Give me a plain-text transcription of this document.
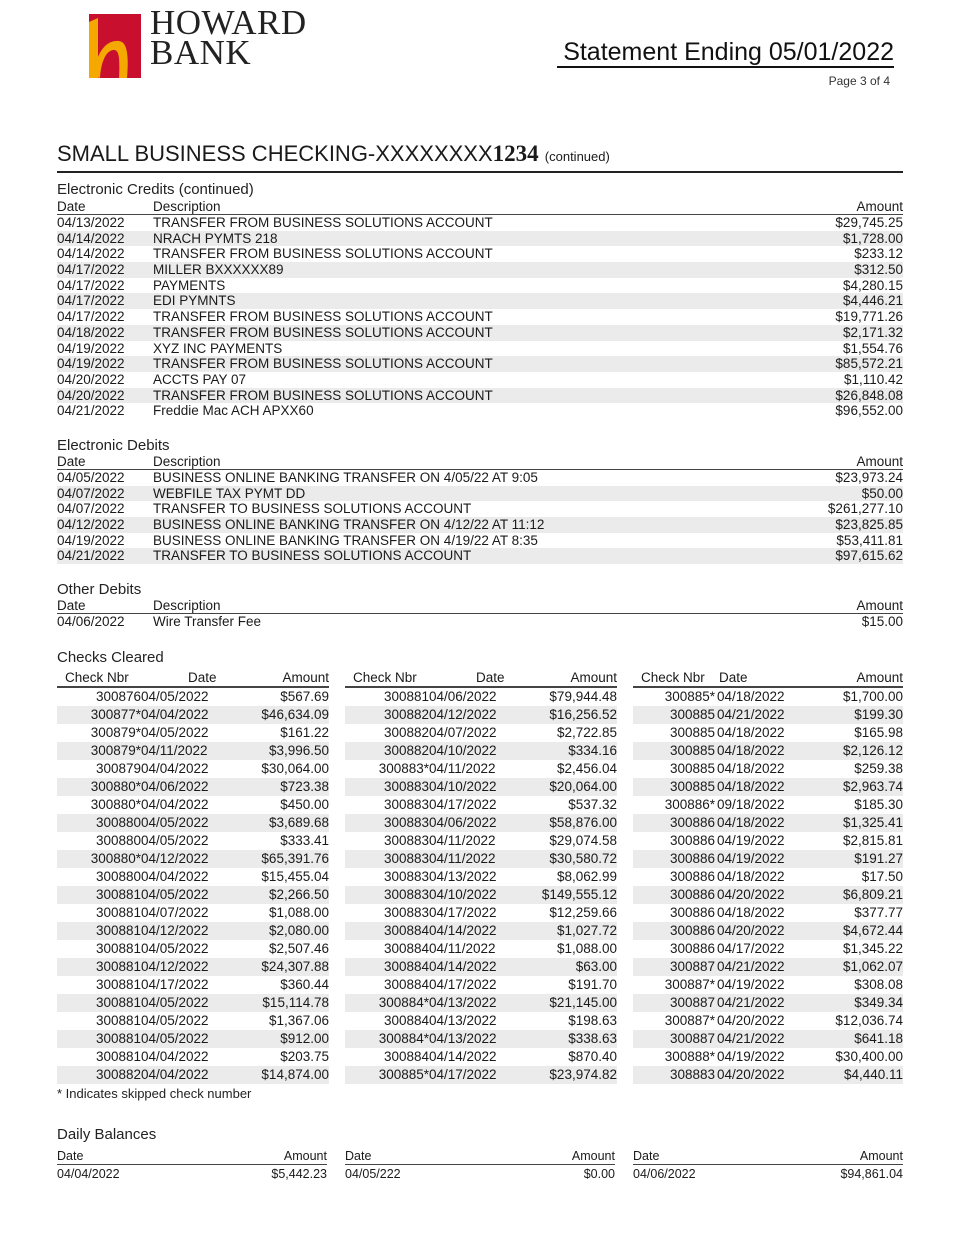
HOWARD
BANK	Statement Ending 05/01/2022
Page 3 of 4
SMALL BUSINESS CHECKING-XXXXXXXX1234 (continued)
Electronic Credits (continued)
Date	Description	Amount
04/13/2022 TRANSFER FROM BUSINESS SOLUTIONS ACCOUNT	$29,745.25
04/14/2022 NRACH PYMTS 218	$1,728.00
04/14/2022 TRANSFER FROM BUSINESS SOLUTIONS ACCOUNT	$233.12
04/17/2022 MILLER BXXXXXX89	$312.50
04/17/2022 PAYMENTS	$4,280.15
04/17/2022 EDI PYMNTS	$4,446.21
04/17/2022 TRANSFER FROM BUSINESS SOLUTIONS ACCOUNT	$19,771.26
04/18/2022 TRANSFER FROM BUSINESS SOLUTIONS ACCOUNT	$2,171.32
04/19/2022 XYZ INC PAYMENTS	$1,554.76
04/19/2022 TRANSFER FROM BUSINESS SOLUTIONS ACCOUNT	$85,572.21
04/20/2022 ACCTS PAY 07	$1,110.42
04/20/2022 TRANSFER FROM BUSINESS SOLUTIONS ACCOUNT	$26,848.08
04/21/2022 Freddie Mac ACH APXX60	$96,552.00
Electronic Debits
Date	Description	Amount
04/05/2022 BUSINESS ONLINE BANKING TRANSFER ON 4/05/22 AT 9:05	$23,973.24
04/07/2022 WEBFILE TAX PYMT DD	$50.00
04/07/2022 TRANSFER TO BUSINESS SOLUTIONS ACCOUNT	$261,277.10
04/12/2022 BUSINESS ONLINE BANKING TRANSFER ON 4/12/22 AT 11:12	$23,825.85
04/19/2022 BUSINESS ONLINE BANKING TRANSFER ON 4/19/22 AT 8:35	$53,411.81
04/21/2022 TRANSFER TO BUSINESS SOLUTIONS ACCOUNT	$97,615.62
Other Debits
Date	Description	Amount
04/06/2022 Wire Transfer Fee	$15.00
Checks Cleared
Check Nbr	Date	Amount
300876 04/05/2022	$567.69
300877* 04/04/2022	$46,634.09
300879* 04/05/2022	$161.22
300879* 04/11/2022	$3,996.50
300879 04/04/2022	$30,064.00
300880* 04/06/2022	$723.38
300880* 04/04/2022	$450.00
300880 04/05/2022	$3,689.68
300880 04/05/2022	$333.41
300880* 04/12/2022	$65,391.76
300880 04/04/2022	$15,455.04
300881 04/05/2022	$2,266.50
300881 04/07/2022	$1,088.00
300881 04/12/2022	$2,080.00
300881 04/05/2022	$2,507.46
300881 04/12/2022	$24,307.88
300881 04/17/2022	$360.44
300881 04/05/2022	$15,114.78
300881 04/05/2022	$1,367.06
300881 04/05/2022	$912.00
300881 04/04/2022	$203.75
300882 04/04/2022	$14,874.00
Check Nbr	Date	Amount
300881 04/06/2022	$79,944.48
300882 04/12/2022	$16,256.52
300882 04/07/2022	$2,722.85
300882 04/10/2022	$334.16
300883* 04/11/2022	$2,456.04
300883 04/10/2022	$20,064.00
300883 04/17/2022	$537.32
300883 04/06/2022	$58,876.00
300883 04/11/2022	$29,074.58
300883 04/11/2022	$30,580.72
300883 04/13/2022	$8,062.99
300883 04/10/2022	$149,555.12
300883 04/17/2022	$12,259.66
300884 04/14/2022	$1,027.72
300884 04/11/2022	$1,088.00
300884 04/14/2022	$63.00
300884 04/17/2022	$191.70
300884* 04/13/2022	$21,145.00
300884 04/13/2022	$198.63
300884* 04/13/2022	$338.63
300884 04/14/2022	$870.40
300885* 04/17/2022	$23,974.82
Check Nbr Date	Amount
300885* 04/18/2022	$1,700.00
300885 04/21/2022	$199.30
300885 04/18/2022	$165.98
300885 04/18/2022	$2,126.12
300885 04/18/2022	$259.38
300885 04/18/2022	$2,963.74
300886* 09/18/2022	$185.30
300886 04/18/2022	$1,325.41
300886 04/19/2022	$2,815.81
300886 04/19/2022	$191.27
300886 04/18/2022	$17.50
300886 04/20/2022	$6,809.21
300886 04/18/2022	$377.77
300886 04/20/2022	$4,672.44
300886 04/17/2022	$1,345.22
300887 04/21/2022	$1,062.07
300887* 04/19/2022	$308.08
300887 04/21/2022	$349.34
300887* 04/20/2022	$12,036.74
300887 04/21/2022	$641.18
300888* 04/19/2022	$30,400.00
308883 04/20/2022	$4,440.11
* Indicates skipped check number
Daily Balances
Date	Amount
04/04/2022	$5,442.23
Date	Amount
04/05/222	$0.00
Date	Amount
04/06/2022	$94,861.04
